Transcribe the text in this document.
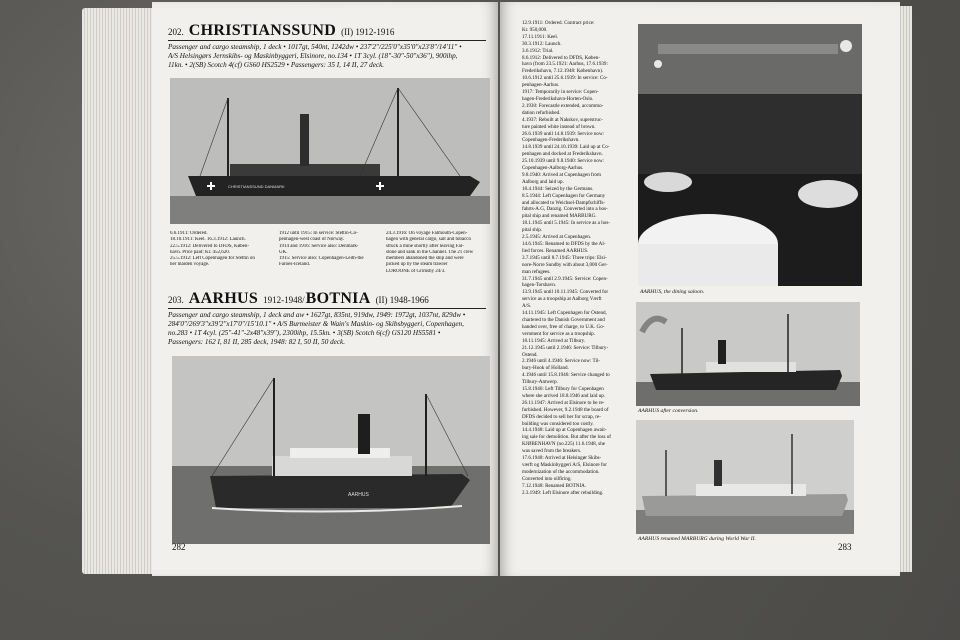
202. CHRISTIANSSUND (II) 1912-1916
Passenger and cargo steamship, 1 deck • 1017gt, 540nt, 1242dw • 237'2"/225'0"x35'0"x23'8"/14'11" •
A/S Helsingørs Jernskibs- og Maskinbyggeri, Elsinore, no.134 • 1T 3cyl. (18"-30"-50"x36"), 900ihp,
11kn. • 2(SB) Scotch 4(cf) GS60 HS2529 • Passengers: 35 I, 14 II, 27 deck.
CHRISTIANSSUND DANMARK
6.6.1911: Ordered.
18.10.1911: Keel. 16.3.1912: Launch.
22.5.1912: Delivered to DFDS, Køben-
havn. Price paid: Kr. 452,620.
25.5.1912: Left Copenhagen for Stettin on
her maiden voyage.
1912 until 1915: In service: Stettin-Co-
penhagen-west coast of Norway.
1914 and 1916: Service also: Denmark-
UK.
1915: Service also: Copenhagen-Leith-the
Faroes-Iceland.
24.3.1916: On voyage Falmouth-Copen-
hagen with general cargo, salt and tobacco
struck a mine shortly after leaving Fal-
stone and sank in the Channel. The 21 crew
members abandoned the ship and were
picked up by the steam trawler
LOROONE of Grimsby 24/3.
203. AARHUS 1912-1948/ BOTNIA (II) 1948-1966
Passenger and cargo steamship, 1 deck and aw • 1627gt, 835nt, 919dw, 1949: 1972gt, 1037nt, 829dw •
284'0"/269'3"x39'2"x17'0"/15'10.1" • A/S Burmeister & Wain's Maskin- og Skibsbyggeri, Copenhagen,
no.283 • 1T 4cyl. (25"-41"-2x48"x39"), 2300ihp, 15.5kn. • 3(SB) Scotch 6(cf) GS120 HS5581 •
Passengers: 162 I, 81 II, 285 deck, 1948: 82 I, 50 II, 50 deck.
AARHUS
282
12.9.1911: Ordered. Contract price:
Kr. 950,000.
17.11.1911: Keel.
30.3.1912: Launch.
3.6.1912: Trial.
8.6.1912: Delivered to DFDS, Køben-
havn (from 23.5.1921: Aarhus, 17.6.1939:
Frederikshavn, 7.12.1948: København).
10.6.1912 until 25.6.1939: In service: Co-
penhagen-Aarhus.
1917: Temporarily in service: Copen-
hagen-Frederikshavn-Horten-Oslo.
2.1930: Forecastle extended, accommo-
dation refurbished.
4.1937: Rebuilt at Nakskov, superstruc-
ture painted white instead of brown.
26.6.1939 until 14.8.1939: Service now:
Copenhagen-Frederikshavn.
14.8.1939 until 24.10.1939: Laid up at Co-
penhagen and docked at Frederikshavn.
25.10.1939 until 9.8.1940: Service now:
Copenhagen-Aalborg-Aarhus.
9.8.1940: Arrived at Copenhagen from
Aalborg and laid up.
18.4.1944: Seized by the Germans.
8.5.1944: Left Copenhagen for Germany
and allocated to Weichsel-Dampfschiffs-
fahrts-A.G, Danzig. Converted into a hos-
pital ship and renamed MARBURG.
18.1.1945 until 5.1945: In service as a hos-
pital ship.
2.5.1945: Arrived at Copenhagen.
14.6.1945: Renamed to DFDS by the Al-
lied forces. Renamed AARHUS.
3.7.1945 until 8.7.1945: Three trips: Elsi-
nore-Norre Sundby with about 3,000 Ger-
man refugees.
31.7.1945 until 2.9.1945: Service: Copen-
hagen-Torshavn.
13.9.1945 until 10.11.1945: Converted for
service as a troopship at Aalborg Værft
A/S.
14.11.1945: Left Copenhagen for Ostend,
chartered to the Danish Government and
handed over, free of charge, to U.K. Go-
vernment for service as a troopship.
18.11.1945: Arrived at Tilbury.
21.12.1945 until 2.1946: Service: Tilbury-
Ostend.
2.1946 until 4.1946: Service now: Til-
bury-Hook of Holland.
4.1946 until 15.8.1946: Service changed to
Tilbury-Antwerp.
15.8.1946: Left Tilbury for Copenhagen
where she arrived 18.8.1946 and laid up.
26.11.1947: Arrived at Elsinore to be re-
furbished. However, 9.2.1948 the board of
DFDS decided to sell her for scrap, re-
building was considered too costly.
14.4.1948: Laid up at Copenhagen await-
ing sale for demolition. But after the loss of
KJØBENHAVN (no.225) 11.6.1948, she
was saved from the breakers.
17.6.1948: Arrived at Helsingør Skibs-
værft og Maskinbyggeri A/S, Elsinore for
modernization of the accommodation.
Converted into oilfiring.
7.12.1948: Renamed BOTNIA.
2.3.1949: Left Elsinore after rebuilding.
AARHUS, the dining saloon.
AARHUS after conversion.
AARHUS renamed MARBURG during World War II.
283
